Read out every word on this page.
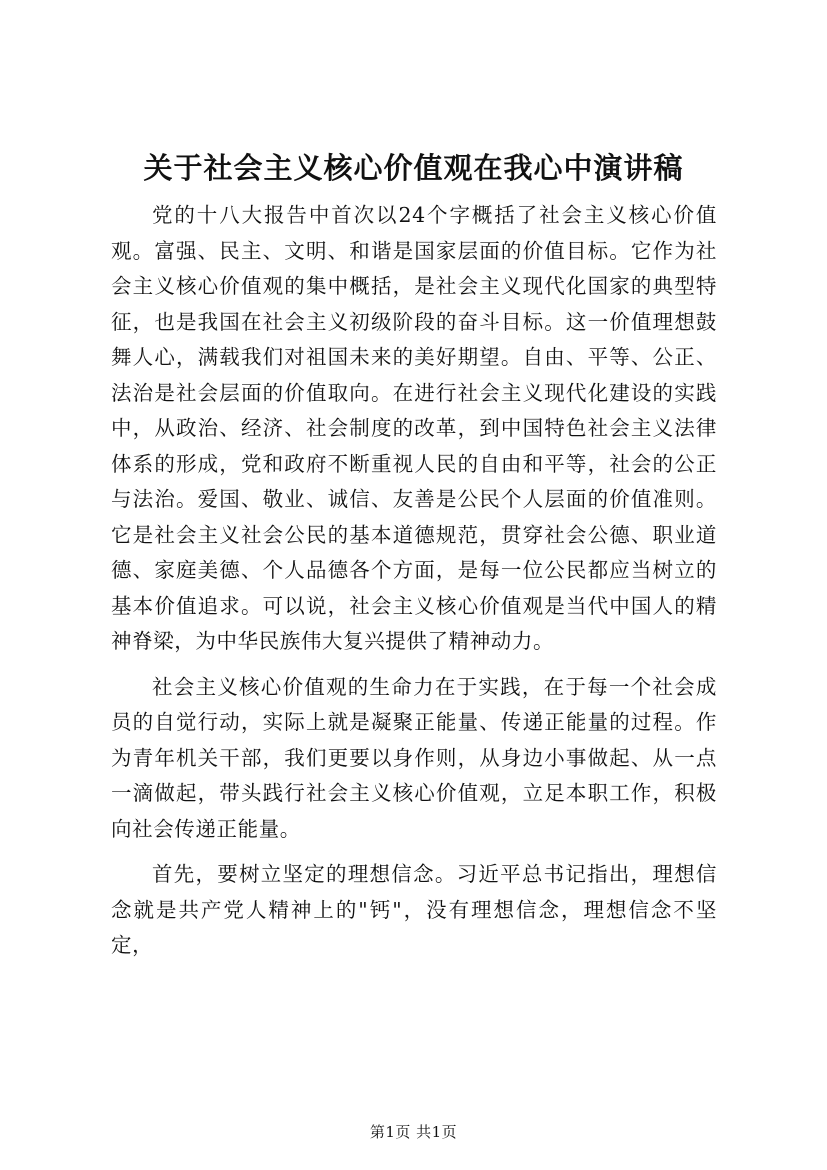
关于社会主义核心价值观在我心中演讲稿

党的十八大报告中首次以24个字概括了社会主义核心价值观。富强、民主、文明、和谐是国家层面的价值目标。它作为社会主义核心价值观的集中概括，是社会主义现代化国家的典型特征，也是我国在社会主义初级阶段的奋斗目标。这一价值理想鼓舞人心，满载我们对祖国未来的美好期望。自由、平等、公正、法治是社会层面的价值取向。在进行社会主义现代化建设的实践中，从政治、经济、社会制度的改革，到中国特色社会主义法律体系的形成，党和政府不断重视人民的自由和平等，社会的公正与法治。爱国、敬业、诚信、友善是公民个人层面的价值准则。它是社会主义社会公民的基本道德规范，贯穿社会公德、职业道德、家庭美德、个人品德各个方面，是每一位公民都应当树立的基本价值追求。可以说，社会主义核心价值观是当代中国人的精神脊梁，为中华民族伟大复兴提供了精神动力。

社会主义核心价值观的生命力在于实践，在于每一个社会成员的自觉行动，实际上就是凝聚正能量、传递正能量的过程。作为青年机关干部，我们更要以身作则，从身边小事做起、从一点一滴做起，带头践行社会主义核心价值观，立足本职工作，积极向社会传递正能量。

首先，要树立坚定的理想信念。习近平总书记指出，理想信念就是共产党人精神上的"钙"，没有理想信念，理想信念不坚定，

第1页 共1页
